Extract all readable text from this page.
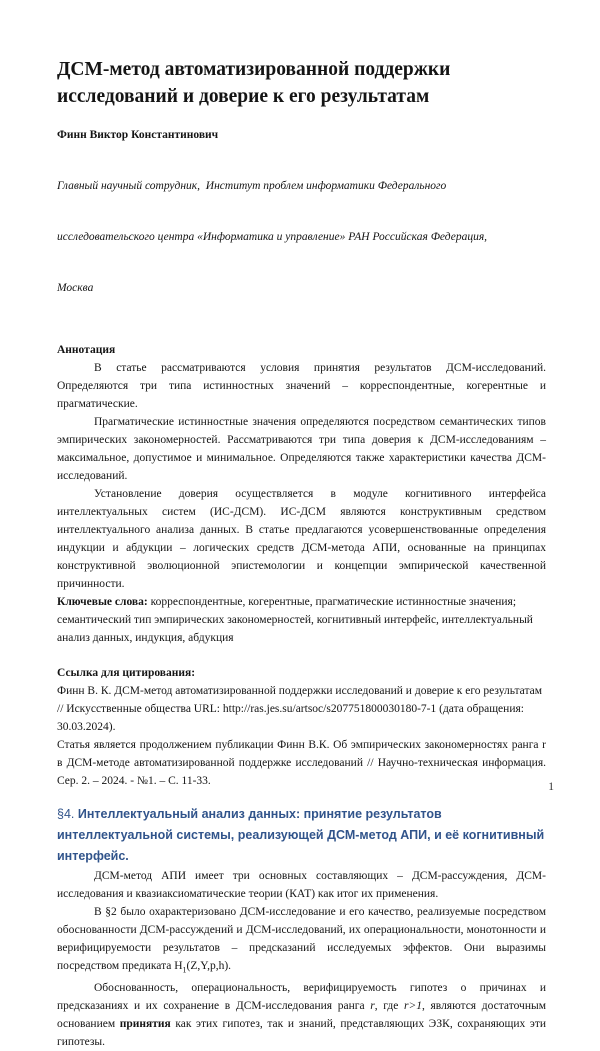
ДСМ-метод автоматизированной поддержки исследований и доверие к его результатам
Финн Виктор Константинович

Главный научный сотрудник,  Институт проблем информатики Федерального

исследовательского центра «Информатика и управление» РАН Российская Федерация,

Москва

Аннотация

В статье рассматриваются условия принятия результатов ДСМ-исследований. Определяются три типа истинностных значений – корреспондентные, когерентные и прагматические.

Прагматические истинностные значения определяются посредством семантических типов эмпирических закономерностей. Рассматриваются три типа доверия к ДСМ-исследованиям – максимальное, допустимое и минимальное. Определяются также характеристики качества ДСМ-исследований.

Установление доверия осуществляется в модуле когнитивного интерфейса интеллектуальных систем (ИС-ДСМ). ИС-ДСМ являются конструктивным средством интеллектуального анализа данных. В статье предлагаются усовершенствованные определения индукции и абдукции – логических средств ДСМ-метода АПИ, основанные на принципах конструктивной эволюционной эпистемологии и концепции эмпирической качественной причинности.

Ключевые слова: корреспондентные, когерентные, прагматические истинностные значения; семантический тип эмпирических закономерностей, когнитивный интерфейс, интеллектуальный анализ данных, индукция, абдукция

Ссылка для цитирования:

Финн В. К. ДСМ-метод автоматизированной поддержки исследований и доверие к его результатам // Искусственные общества URL: http://ras.jes.su/artsoc/s207751800030180-7-1 (дата обращения: 30.03.2024).

Статья является продолжением публикации Финн В.К. Об эмпирических закономерностях ранга r в ДСМ-методе автоматизированной поддержке исследований // Научно-техническая информация. Сер. 2. – 2024. - №1. – С. 11-33.

§4. Интеллектуальный анализ данных: принятие результатов интеллектуальной системы, реализующей ДСМ-метод АПИ, и её когнитивный интерфейс.

ДСМ-метод АПИ имеет три основных составляющих – ДСМ-рассуждения, ДСМ-исследования и квазиаксиоматические теории (КАТ) как итог их применения.

В §2 было охарактеризовано ДСМ-исследование и его качество, реализуемые посредством обоснованности ДСМ-рассуждений и ДСМ-исследований, их операциональности, монотонности и верифицируемости результатов – предсказаний исследуемых эффектов. Они выразимы посредством предиката $H_1(Z,Y,p,h)$.

Обоснованность, операциональность, верифицируемость гипотез о причинах и предсказаниях и их сохранение в ДСМ-исследования ранга r, где r>1, являются достаточным основанием принятия как этих гипотез, так и знаний, представляющих ЭЗК, сохраняющих эти гипотезы.

1
